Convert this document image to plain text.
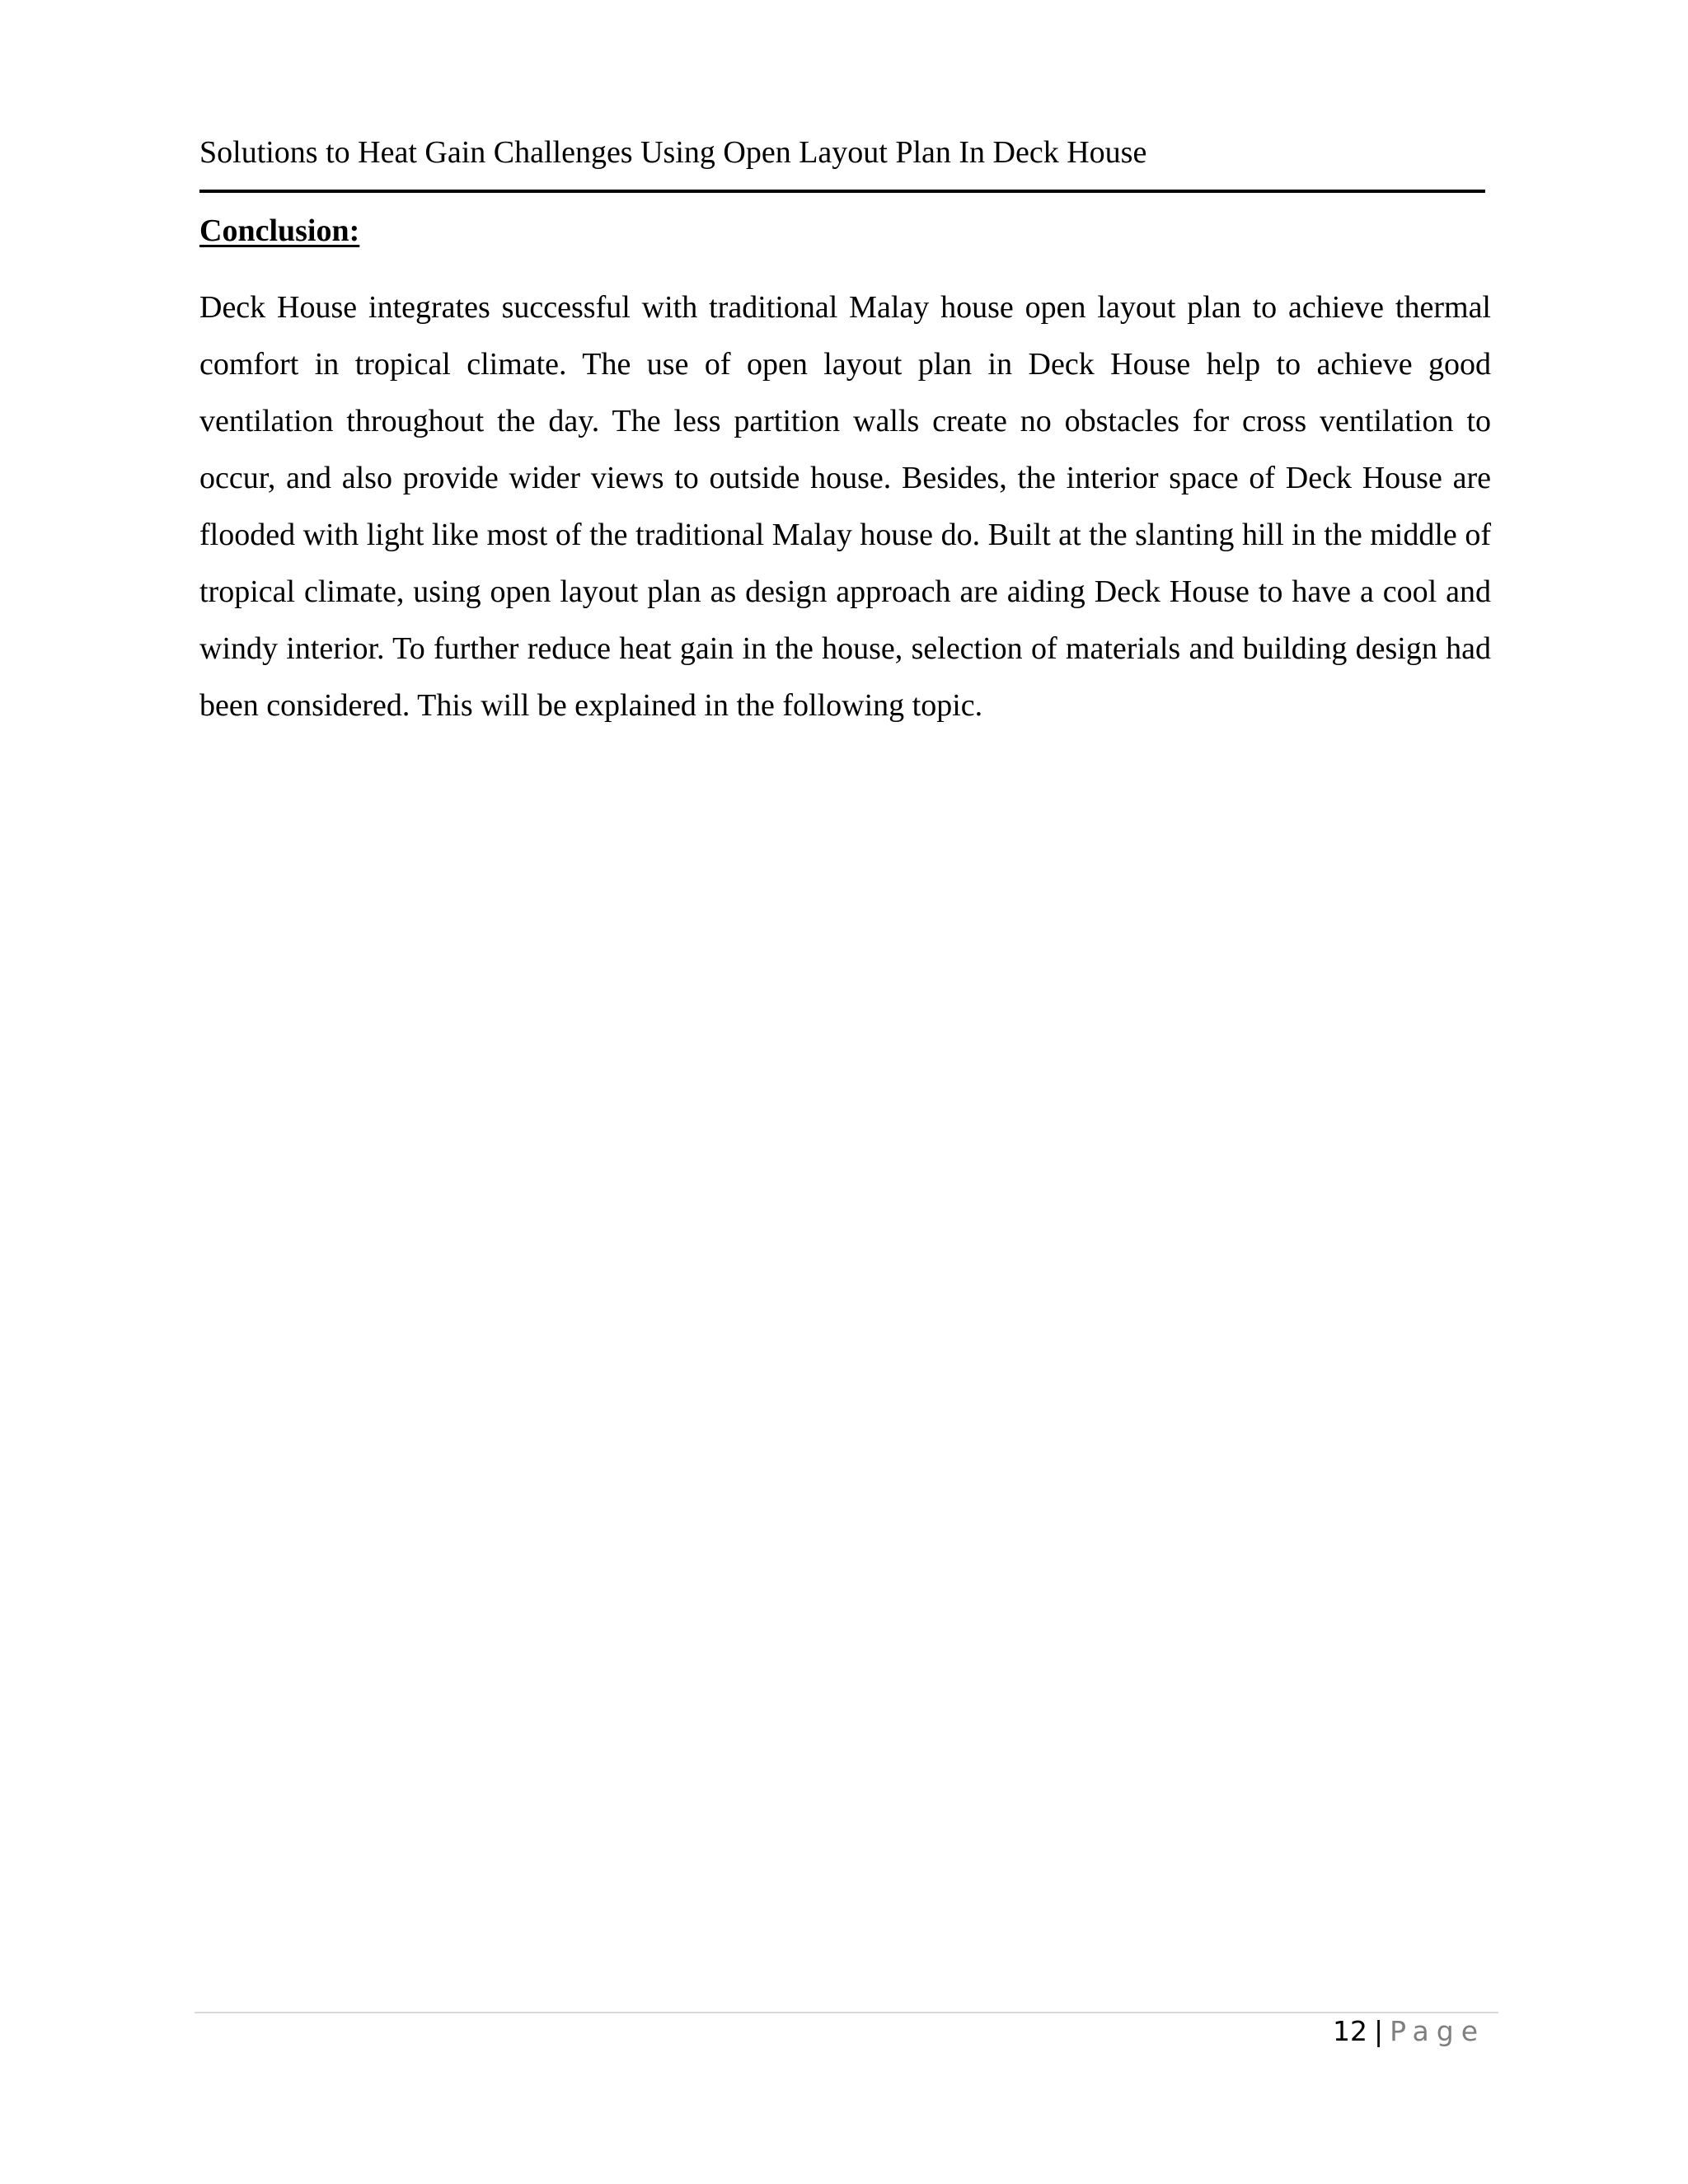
Solutions to Heat Gain Challenges Using Open Layout Plan In Deck House
Conclusion:

Deck House integrates successful with traditional Malay house open layout plan to achieve thermal comfort in tropical climate. The use of open layout plan in Deck House help to achieve good ventilation throughout the day. The less partition walls create no obstacles for cross ventilation to occur, and also provide wider views to outside house. Besides, the interior space of Deck House are flooded with light like most of the traditional Malay house do. Built at the slanting hill in the middle of tropical climate, using open layout plan as design approach are aiding Deck House to have a cool and windy interior. To further reduce heat gain in the house, selection of materials and building design had been considered. This will be explained in the following topic.

12 | Page
